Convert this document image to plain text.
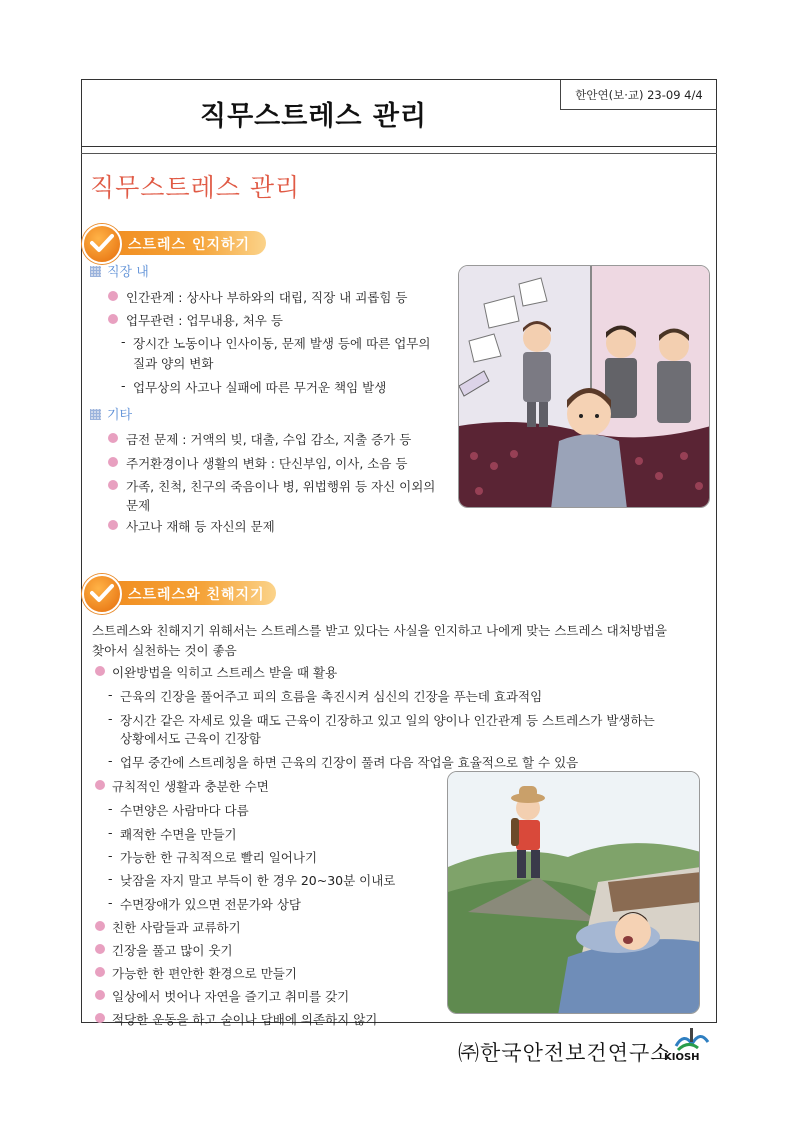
직무스트레스 관리
한안연(보·교) 23-09 4/4
직무스트레스 관리
스트레스 인지하기
직장 내
인간관계 : 상사나 부하와의 대립, 직장 내 괴롭힘 등
업무관련 : 업무내용, 처우 등
- 장시간 노동이나 인사이동, 문제 발생 등에 따른 업무의
질과 양의 변화
- 업무상의 사고나 실패에 따른 무거운 책임 발생
기타
금전 문제 : 거액의 빚, 대출, 수입 감소, 지출 증가 등
주거환경이나 생활의 변화 : 단신부임, 이사, 소음 등
가족, 친척, 친구의 죽음이나 병, 위법행위 등 자신 이외의
문제
사고나 재해 등 자신의 문제
스트레스와 친해지기
스트레스와 친해지기 위해서는 스트레스를 받고 있다는 사실을 인지하고 나에게 맞는 스트레스 대처방법을
찾아서 실천하는 것이 좋음
이완방법을 익히고 스트레스 받을 때 활용
- 근육의 긴장을 풀어주고 피의 흐름을 촉진시켜 심신의 긴장을 푸는데 효과적임
- 장시간 같은 자세로 있을 때도 근육이 긴장하고 있고 일의 양이나 인간관계 등 스트레스가 발생하는
상황에서도 근육이 긴장함
- 업무 중간에 스트레칭을 하면 근육의 긴장이 풀려 다음 작업을 효율적으로 할 수 있음
규칙적인 생활과 충분한 수면
- 수면양은 사람마다 다름
- 쾌적한 수면을 만들기
- 가능한 한 규칙적으로 빨리 일어나기
- 낮잠을 자지 말고 부득이 한 경우 20~30분 이내로
- 수면장애가 있으면 전문가와 상담
친한 사람들과 교류하기
긴장을 풀고 많이 웃기
가능한 한 편안한 환경으로 만들기
일상에서 벗어나 자연을 즐기고 취미를 갖기
적당한 운동을 하고 술이나 담배에 의존하지 않기
㈜한국안전보건연구소
KIOSH
